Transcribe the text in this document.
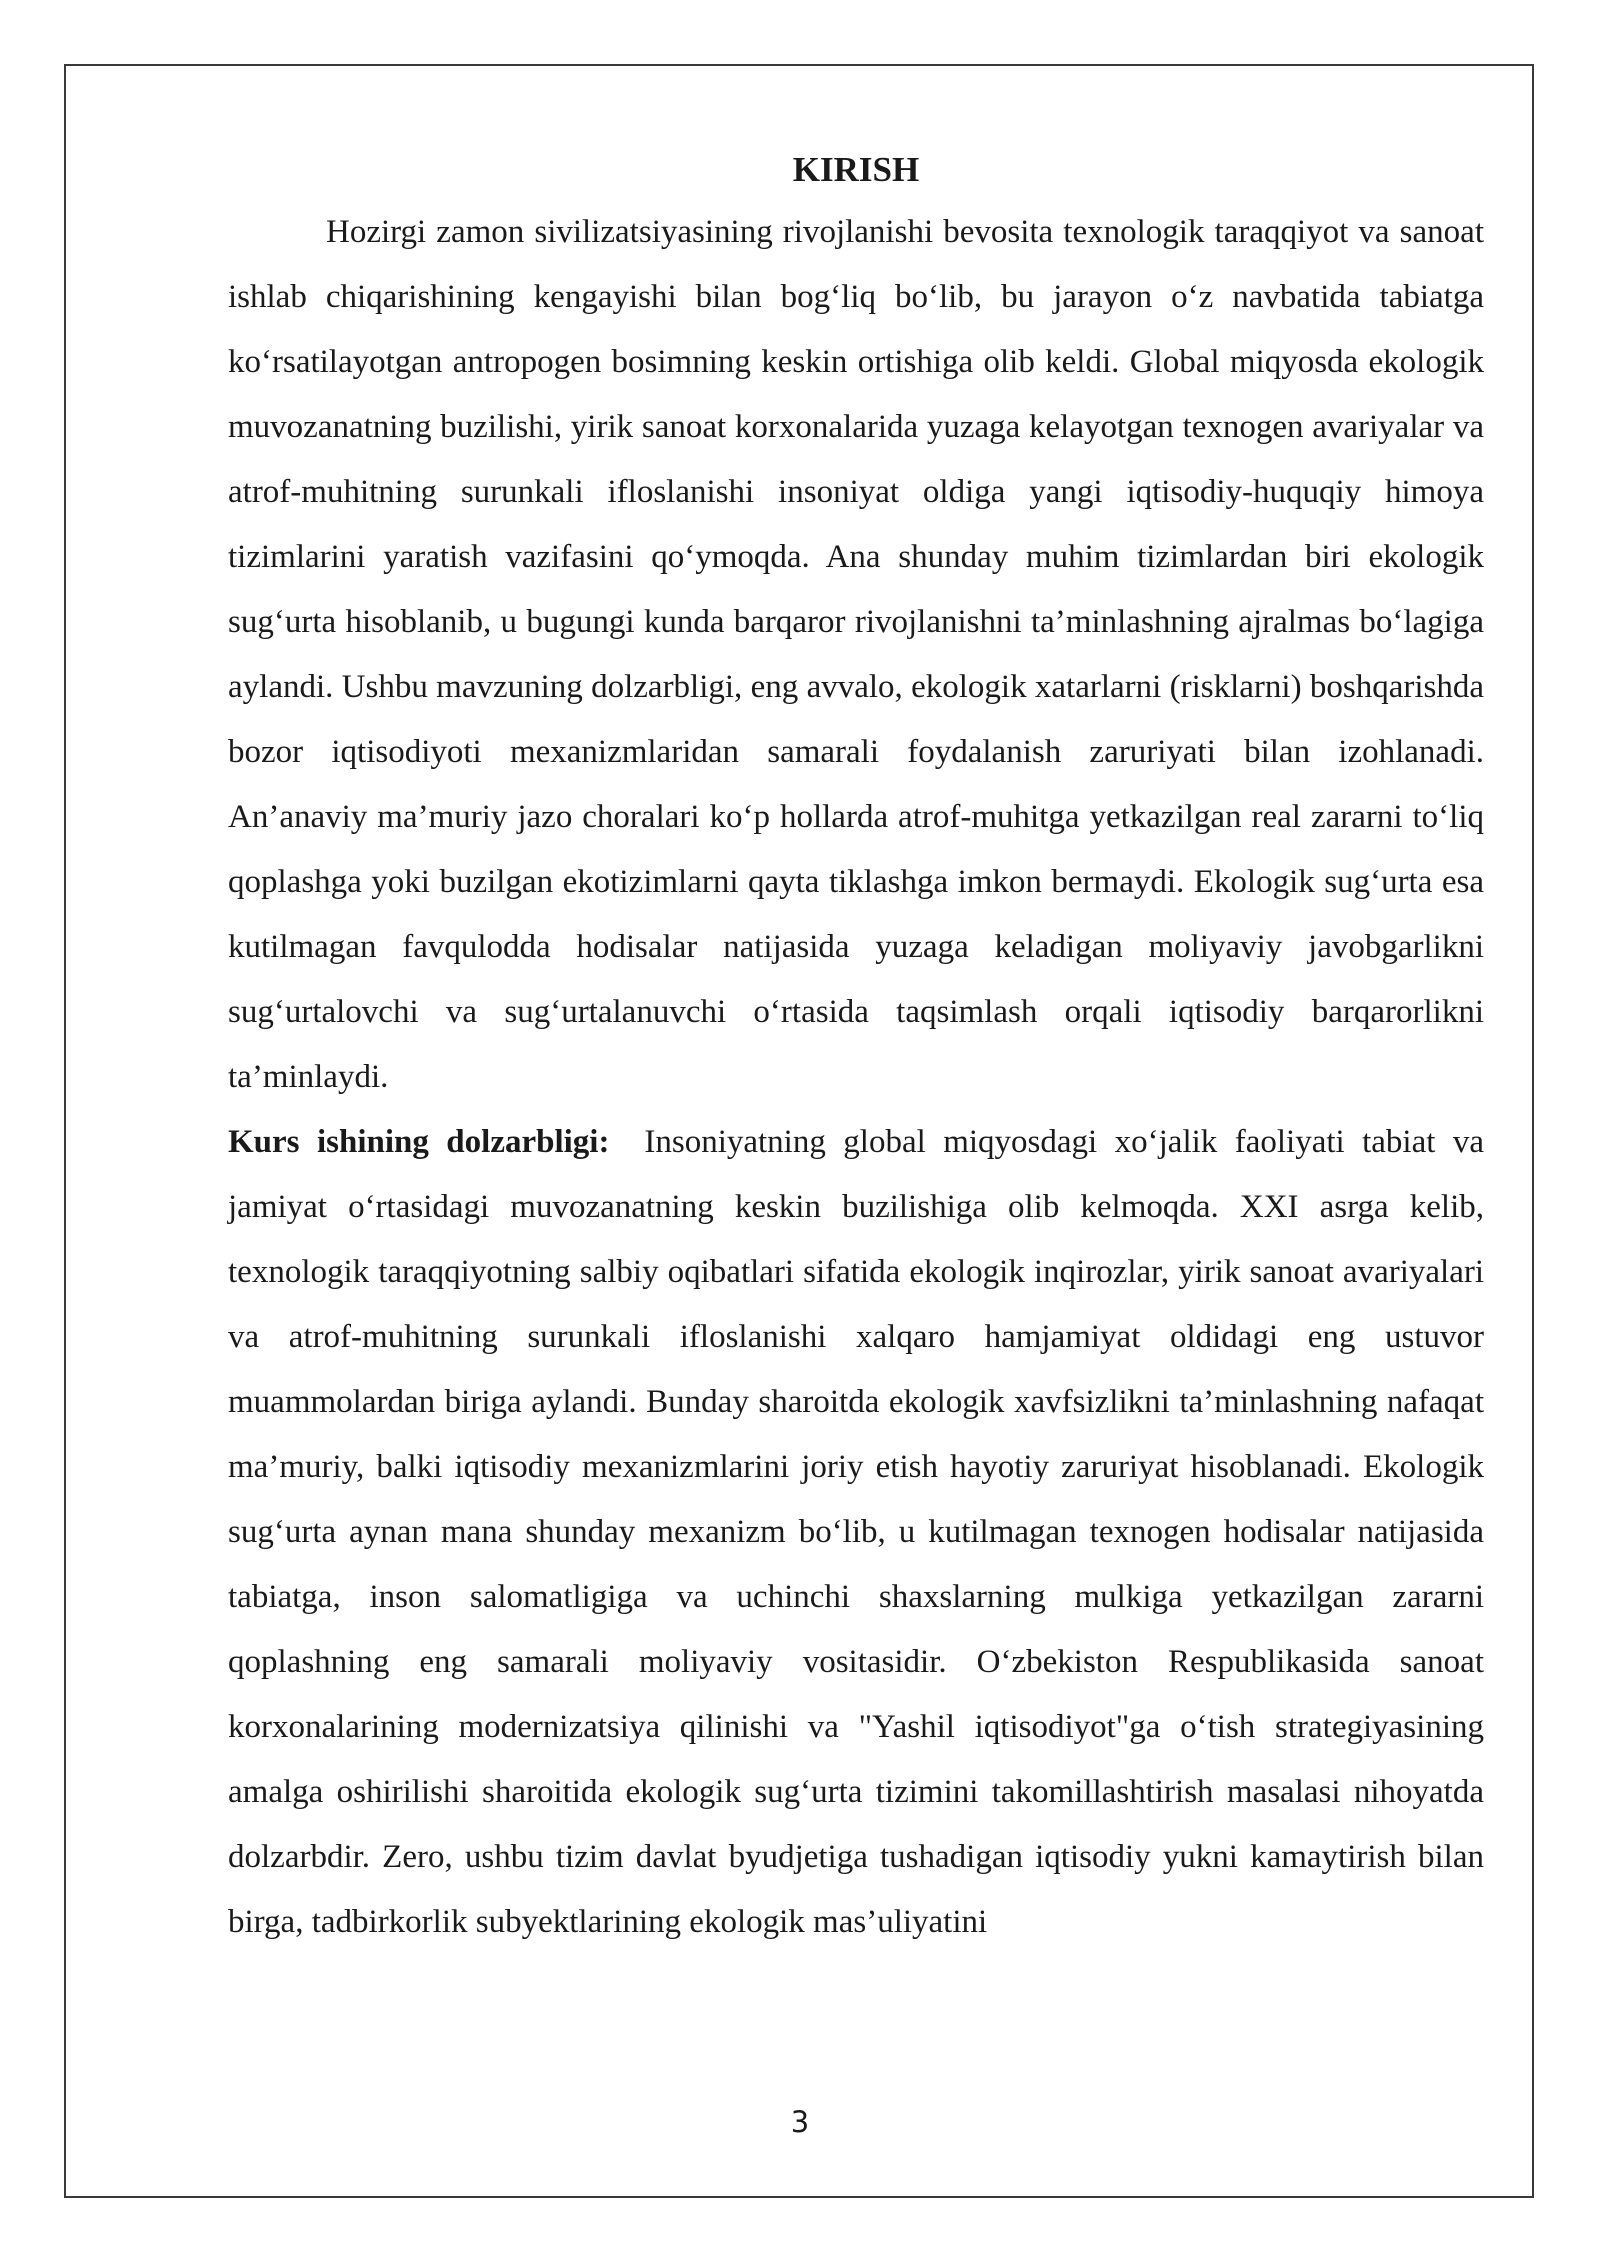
KIRISH

Hozirgi zamon sivilizatsiyasining rivojlanishi bevosita texnologik taraqqiyot va sanoat ishlab chiqarishining kengayishi bilan bog‘liq bo‘lib, bu jarayon o‘z navbatida tabiatga ko‘rsatilayotgan antropogen bosimning keskin ortishiga olib keldi. Global miqyosda ekologik muvozanatning buzilishi, yirik sanoat korxonalarida yuzaga kelayotgan texnogen avariyalar va atrof-muhitning surunkali ifloslanishi insoniyat oldiga yangi iqtisodiy-huquqiy himoya tizimlarini yaratish vazifasini qo‘ymoqda. Ana shunday muhim tizimlardan biri ekologik sug‘urta hisoblanib, u bugungi kunda barqaror rivojlanishni ta’minlashning ajralmas bo‘lagiga aylandi. Ushbu mavzuning dolzarbligi, eng avvalo, ekologik xatarlarni (risklarni) boshqarishda bozor iqtisodiyoti mexanizmlaridan samarali foydalanish zaruriyati bilan izohlanadi. An’anaviy ma’muriy jazo choralari ko‘p hollarda atrof-muhitga yetkazilgan real zararni to‘liq qoplashga yoki buzilgan ekotizimlarni qayta tiklashga imkon bermaydi. Ekologik sug‘urta esa kutilmagan favqulodda hodisalar natijasida yuzaga keladigan moliyaviy javobgarlikni sug‘urtalovchi va sug‘urtalanuvchi o‘rtasida taqsimlash orqali iqtisodiy barqarorlikni ta’minlaydi.

Kurs ishining dolzarbligi: Insoniyatning global miqyosdagi xo‘jalik faoliyati tabiat va jamiyat o‘rtasidagi muvozanatning keskin buzilishiga olib kelmoqda. XXI asrga kelib, texnologik taraqqiyotning salbiy oqibatlari sifatida ekologik inqirozlar, yirik sanoat avariyalari va atrof-muhitning surunkali ifloslanishi xalqaro hamjamiyat oldidagi eng ustuvor muammolardan biriga aylandi. Bunday sharoitda ekologik xavfsizlikni ta’minlashning nafaqat ma’muriy, balki iqtisodiy mexanizmlarini joriy etish hayotiy zaruriyat hisoblanadi. Ekologik sug‘urta aynan mana shunday mexanizm bo‘lib, u kutilmagan texnogen hodisalar natijasida tabiatga, inson salomatligiga va uchinchi shaxslarning mulkiga yetkazilgan zararni qoplashning eng samarali moliyaviy vositasidir. O‘zbekiston Respublikasida sanoat korxonalarining modernizatsiya qilinishi va "Yashil iqtisodiyot"ga o‘tish strategiyasining amalga oshirilishi sharoitida ekologik sug‘urta tizimini takomillashtirish masalasi nihoyatda dolzarbdir. Zero, ushbu tizim davlat byudjetiga tushadigan iqtisodiy yukni kamaytirish bilan birga, tadbirkorlik subyektlarining ekologik mas’uliyatini

3
